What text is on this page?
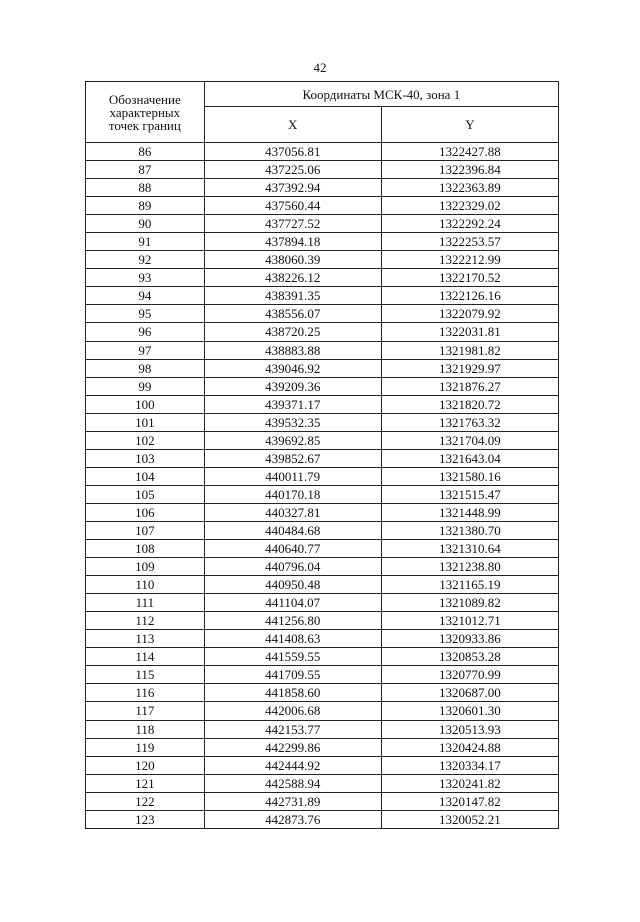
42
Обозначение
характерных
точек границ	Координаты МСК-40, зона 1	
	X	Y
86	437056.81	1322427.88
87	437225.06	1322396.84
88	437392.94	1322363.89
89	437560.44	1322329.02
90	437727.52	1322292.24
91	437894.18	1322253.57
92	438060.39	1322212.99
93	438226.12	1322170.52
94	438391.35	1322126.16
95	438556.07	1322079.92
96	438720.25	1322031.81
97	438883.88	1321981.82
98	439046.92	1321929.97
99	439209.36	1321876.27
100	439371.17	1321820.72
101	439532.35	1321763.32
102	439692.85	1321704.09
103	439852.67	1321643.04
104	440011.79	1321580.16
105	440170.18	1321515.47
106	440327.81	1321448.99
107	440484.68	1321380.70
108	440640.77	1321310.64
109	440796.04	1321238.80
110	440950.48	1321165.19
111	441104.07	1321089.82
112	441256.80	1321012.71
113	441408.63	1320933.86
114	441559.55	1320853.28
115	441709.55	1320770.99
116	441858.60	1320687.00
117	442006.68	1320601.30
118	442153.77	1320513.93
119	442299.86	1320424.88
120	442444.92	1320334.17
121	442588.94	1320241.82
122	442731.89	1320147.82
123	442873.76	1320052.21
